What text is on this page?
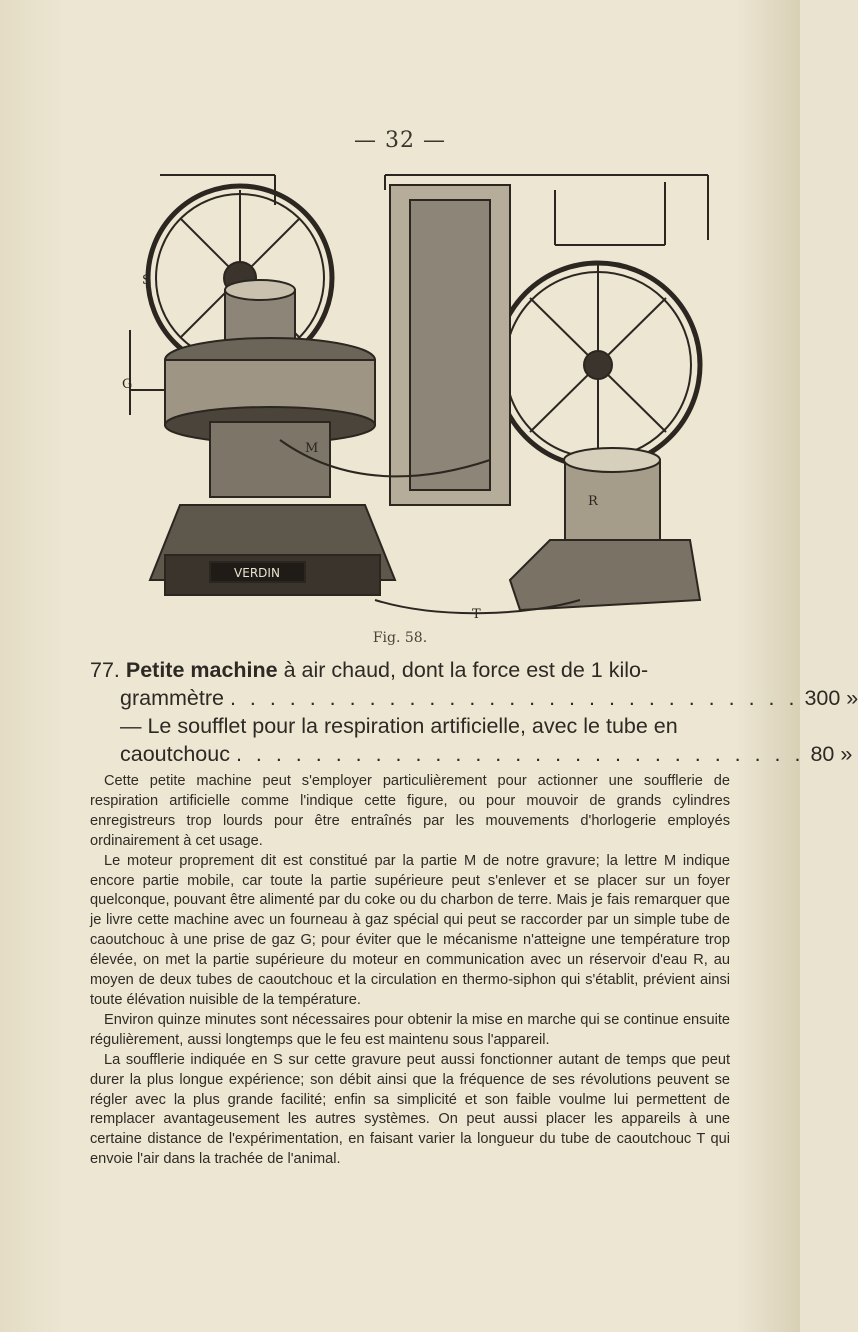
— 32 —
VERDIN
G
S
M
R
T
Fig. 58.
77. Petite machine à air chaud, dont la force est de 1 kilo-
grammètre . . . . . . . . . . . . . . . . . . . . . . . . . . . . . 300 »
— Le soufflet pour la respiration artificielle, avec le tube en
caoutchouc . . . . . . . . . . . . . . . . . . . . . . . . . . . . . 80 »

Cette petite machine peut s'employer particulièrement pour actionner une soufflerie de respiration artificielle comme l'indique cette figure, ou pour mouvoir de grands cylindres enregistreurs trop lourds pour être entraînés par les mouvements d'horlogerie employés ordinairement à cet usage.

Le moteur proprement dit est constitué par la partie M de notre gravure; la lettre M indique encore partie mobile, car toute la partie supérieure peut s'enlever et se placer sur un foyer quelconque, pouvant être alimenté par du coke ou du charbon de terre. Mais je fais remarquer que je livre cette machine avec un fourneau à gaz spécial qui peut se raccorder par un simple tube de caoutchouc à une prise de gaz G; pour éviter que le mécanisme n'atteigne une température trop élevée, on met la partie supérieure du moteur en communication avec un réservoir d'eau R, au moyen de deux tubes de caoutchouc et la circulation en thermo-siphon qui s'établit, prévient ainsi toute élévation nuisible de la température.

Environ quinze minutes sont nécessaires pour obtenir la mise en marche qui se continue ensuite régulièrement, aussi longtemps que le feu est maintenu sous l'appareil.

La soufflerie indiquée en S sur cette gravure peut aussi fonctionner autant de temps que peut durer la plus longue expérience; son débit ainsi que la fréquence de ses révolutions peuvent se régler avec la plus grande facilité; enfin sa simplicité et son faible voulme lui permettent de remplacer avantageusement les autres systèmes. On peut aussi placer les appareils à une certaine distance de l'expérimentation, en faisant varier la longueur du tube de caoutchouc T qui envoie l'air dans la trachée de l'animal.
